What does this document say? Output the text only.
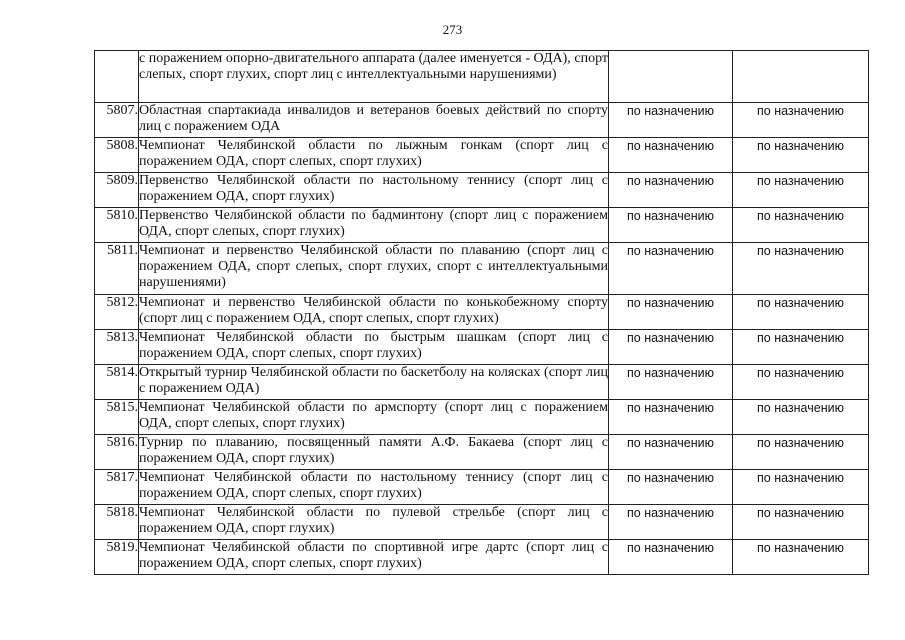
273
	с поражением опорно-двигательного аппарата (далее именуется - ОДА), спорт слепых, спорт глухих, спорт лиц с интеллектуальными нарушениями)		
5807.	Областная спартакиада инвалидов и ветеранов боевых действий по спорту лиц с поражением ОДА	по назначению	по назначению
5808.	Чемпионат Челябинской области по лыжным гонкам (спорт лиц с поражением ОДА, спорт слепых, спорт глухих)	по назначению	по назначению
5809.	Первенство Челябинской области по настольному теннису (спорт лиц с поражением ОДА, спорт глухих)	по назначению	по назначению
5810.	Первенство Челябинской области по бадминтону (спорт лиц с поражением ОДА, спорт слепых, спорт глухих)	по назначению	по назначению
5811.	Чемпионат и первенство Челябинской области по плаванию (спорт лиц с поражением ОДА, спорт слепых, спорт глухих, спорт с интеллектуальными нарушениями)	по назначению	по назначению
5812.	Чемпионат и первенство Челябинской области по конькобежному спорту (спорт лиц с поражением ОДА, спорт слепых, спорт глухих)	по назначению	по назначению
5813.	Чемпионат Челябинской области по быстрым шашкам (спорт лиц с поражением ОДА, спорт слепых, спорт глухих)	по назначению	по назначению
5814.	Открытый турнир Челябинской области по баскетболу на колясках (спорт лиц с поражением ОДА)	по назначению	по назначению
5815.	Чемпионат Челябинской области по армспорту (спорт лиц с поражением ОДА, спорт слепых, спорт глухих)	по назначению	по назначению
5816.	Турнир по плаванию, посвященный памяти А.Ф. Бакаева (спорт лиц с поражением ОДА, спорт глухих)	по назначению	по назначению
5817.	Чемпионат Челябинской области по настольному теннису (спорт лиц с поражением ОДА, спорт слепых, спорт глухих)	по назначению	по назначению
5818.	Чемпионат Челябинской области по пулевой стрельбе (спорт лиц с поражением ОДА, спорт глухих)	по назначению	по назначению
5819.	Чемпионат Челябинской области по спортивной игре дартс (спорт лиц с поражением ОДА, спорт слепых, спорт глухих)	по назначению	по назначению
